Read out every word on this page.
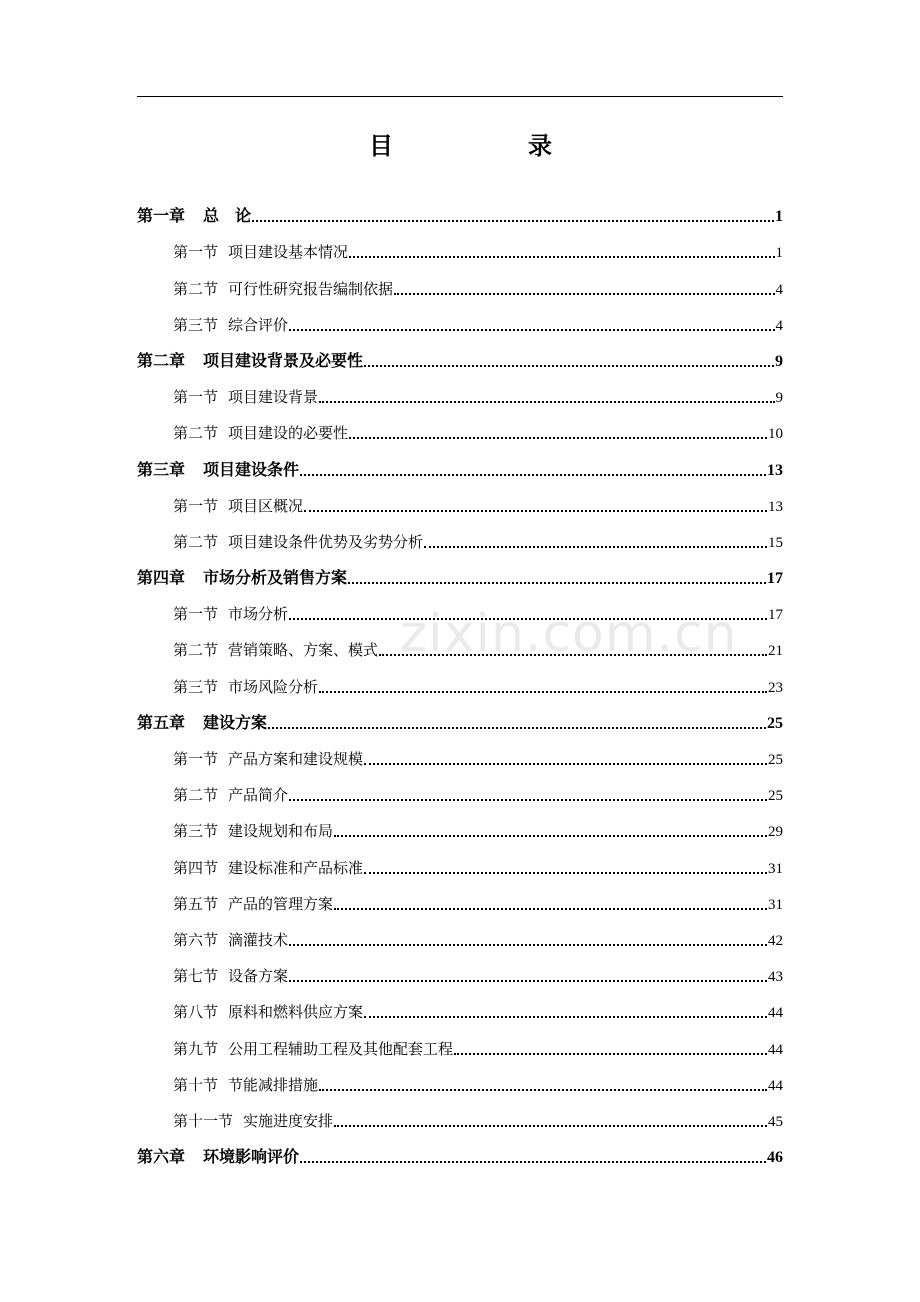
目	录
第一章 总　论	1
第一节 项目建设基本情况	1
第二节 可行性研究报告编制依据	4
第三节 综合评价	4
第二章 项目建设背景及必要性	9
第一节 项目建设背景	9
第二节 项目建设的必要性	10
第三章 项目建设条件	13
第一节 项目区概况	13
第二节 项目建设条件优势及劣势分析	15
第四章 市场分析及销售方案	17
第一节 市场分析	17
第二节 营销策略、方案、模式	21
第三节 市场风险分析	23
第五章 建设方案	25
第一节 产品方案和建设规模	25
第二节 产品简介	25
第三节 建设规划和布局	29
第四节 建设标准和产品标准	31
第五节 产品的管理方案	31
第六节 滴灌技术	42
第七节 设备方案	43
第八节 原料和燃料供应方案	44
第九节 公用工程辅助工程及其他配套工程	44
第十节 节能减排措施	44
第十一节 实施进度安排	45
第六章 环境影响评价	46
zixin.com.cn
